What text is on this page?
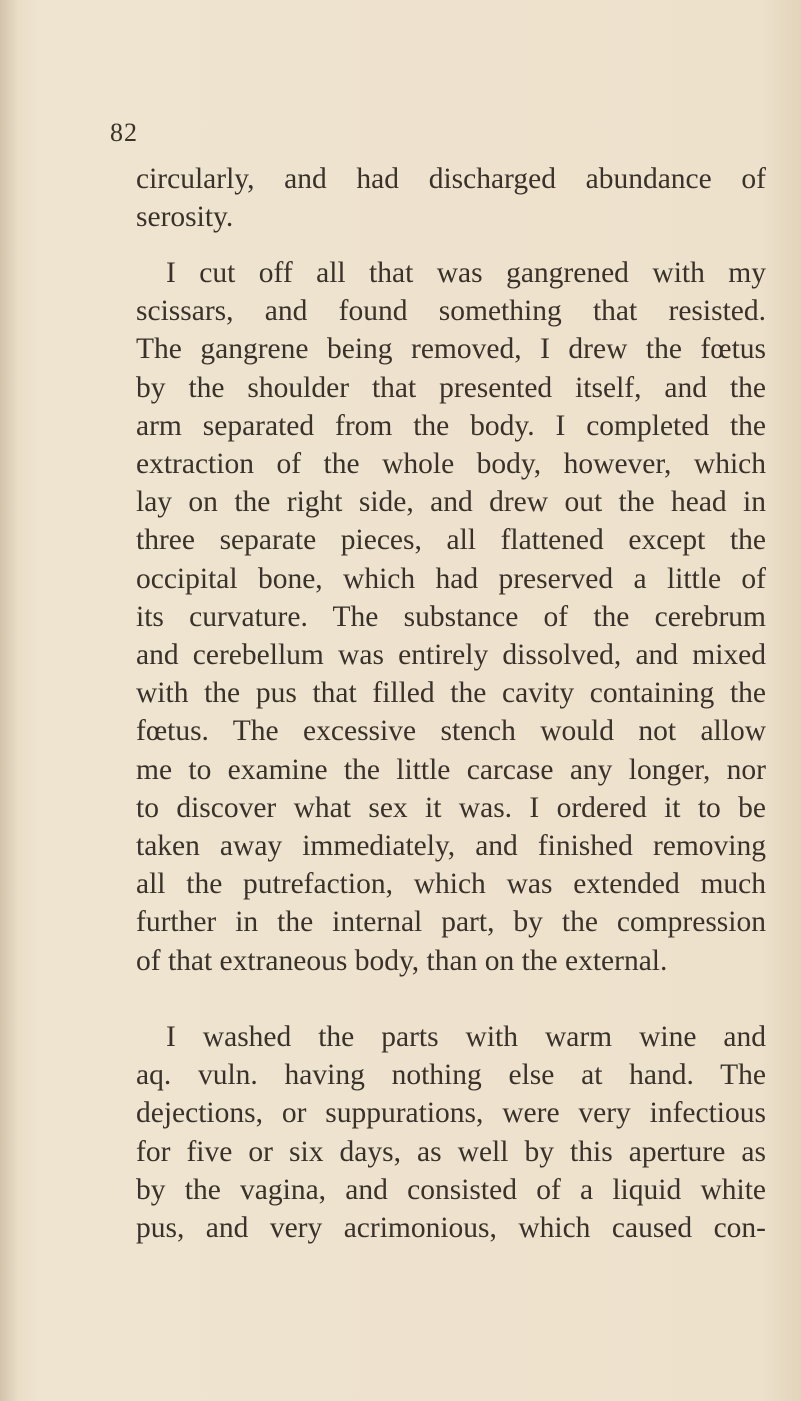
82
circularly, and had discharged abundance of
serosity.
I cut off all that was gangrened with my
scissars, and found something that resisted.
The gangrene being removed, I drew the fœtus
by the shoulder that presented itself, and the
arm separated from the body. I completed the
extraction of the whole body, however, which
lay on the right side, and drew out the head in
three separate pieces, all flattened except the
occipital bone, which had preserved a little of
its curvature. The substance of the cerebrum
and cerebellum was entirely dissolved, and mixed
with the pus that filled the cavity containing the
fœtus. The excessive stench would not allow
me to examine the little carcase any longer, nor
to discover what sex it was. I ordered it to be
taken away immediately, and finished removing
all the putrefaction, which was extended much
further in the internal part, by the compression
of that extraneous body, than on the external.
I washed the parts with warm wine and
aq. vuln. having nothing else at hand. The
dejections, or suppurations, were very infectious
for five or six days, as well by this aperture as
by the vagina, and consisted of a liquid white
pus, and very acrimonious, which caused con-
